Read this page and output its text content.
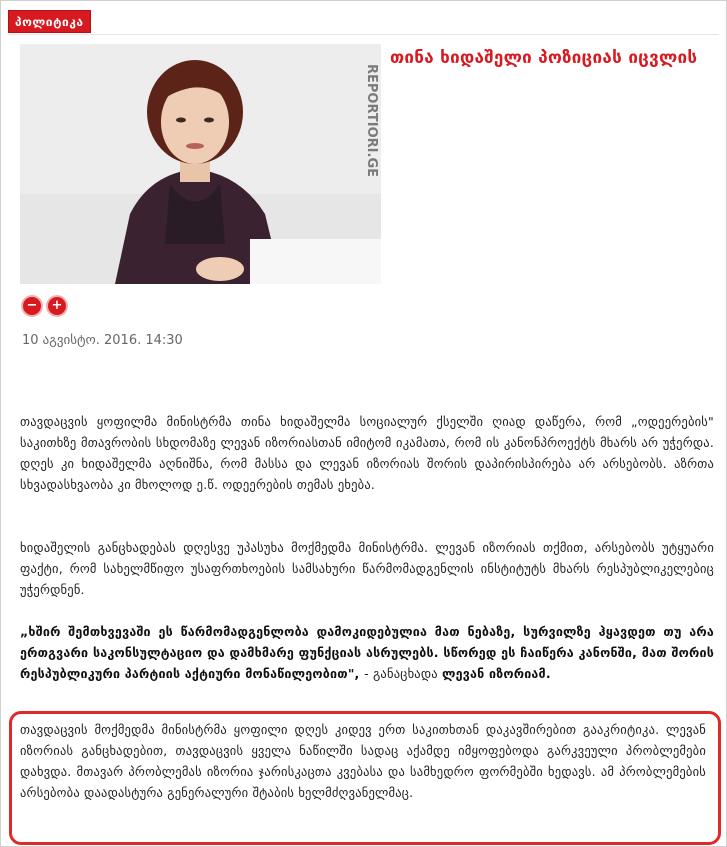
პოლიტიკა
REPORTIORI.GE
თინა ხიდაშელი პოზიციას იცვლის
− +
10 აგვისტო. 2016. 14:30
თავდაცვის ყოფილმა მინისტრმა თინა ხიდაშელმა სოციალურ ქსელში ღიად დაწერა, რომ „ოდეერების" საკითხზე მთავრობის სხდომაზე ლევან იზორიასთან იმიტომ იკამათა, რომ ის კანონპროექტს მხარს არ უჭერდა. დღეს კი ხიდაშელმა აღნიშნა, რომ მასსა და ლევან იზორიას შორის დაპირისპირება არ არსებობს. აზრთა სხვადასხვაობა კი მხოლოდ ე.წ. ოდეერების თემას ეხება.
ხიდაშელის განცხადებას დღესვე უპასუხა მოქმედმა მინისტრმა. ლევან იზორიას თქმით, არსებობს უტყუარი ფაქტი, რომ სახელმწიფო უსაფრთხოების სამსახური წარმომადგენლის ინსტიტუტს მხარს რესპუბლიკელებიც უჭერდნენ.
„ხშირ შემთხვევაში ეს წარმომადგენლობა დამოკიდებულია მათ ნებაზე, სურვილზე ჰყავდეთ თუ არა ერთგვარი საკონსულტაციო და დამხმარე ფუნქციას ასრულებს. სწორედ ეს ჩაიწერა კანონში, მათ შორის რესპუბლიკური პარტიის აქტიური მონაწილეობით", - განაცხადა ლევან იზორიამ.
თავდაცვის მოქმედმა მინისტრმა ყოფილი დღეს კიდევ ერთ საკითხთან დაკავშირებით გააკრიტიკა. ლევან იზორიას განცხადებით, თავდაცვის ყველა ნაწილში სადაც აქამდე იმყოფებოდა გარკვეული პრობლემები დახვდა. მთავარ პრობლემას იზორია ჯარისკაცთა კვებასა და სამხედრო ფორმებში ხედავს. ამ პრობლემების არსებობა დაადასტურა გენერალური შტაბის ხელმძღვანელმაც.
